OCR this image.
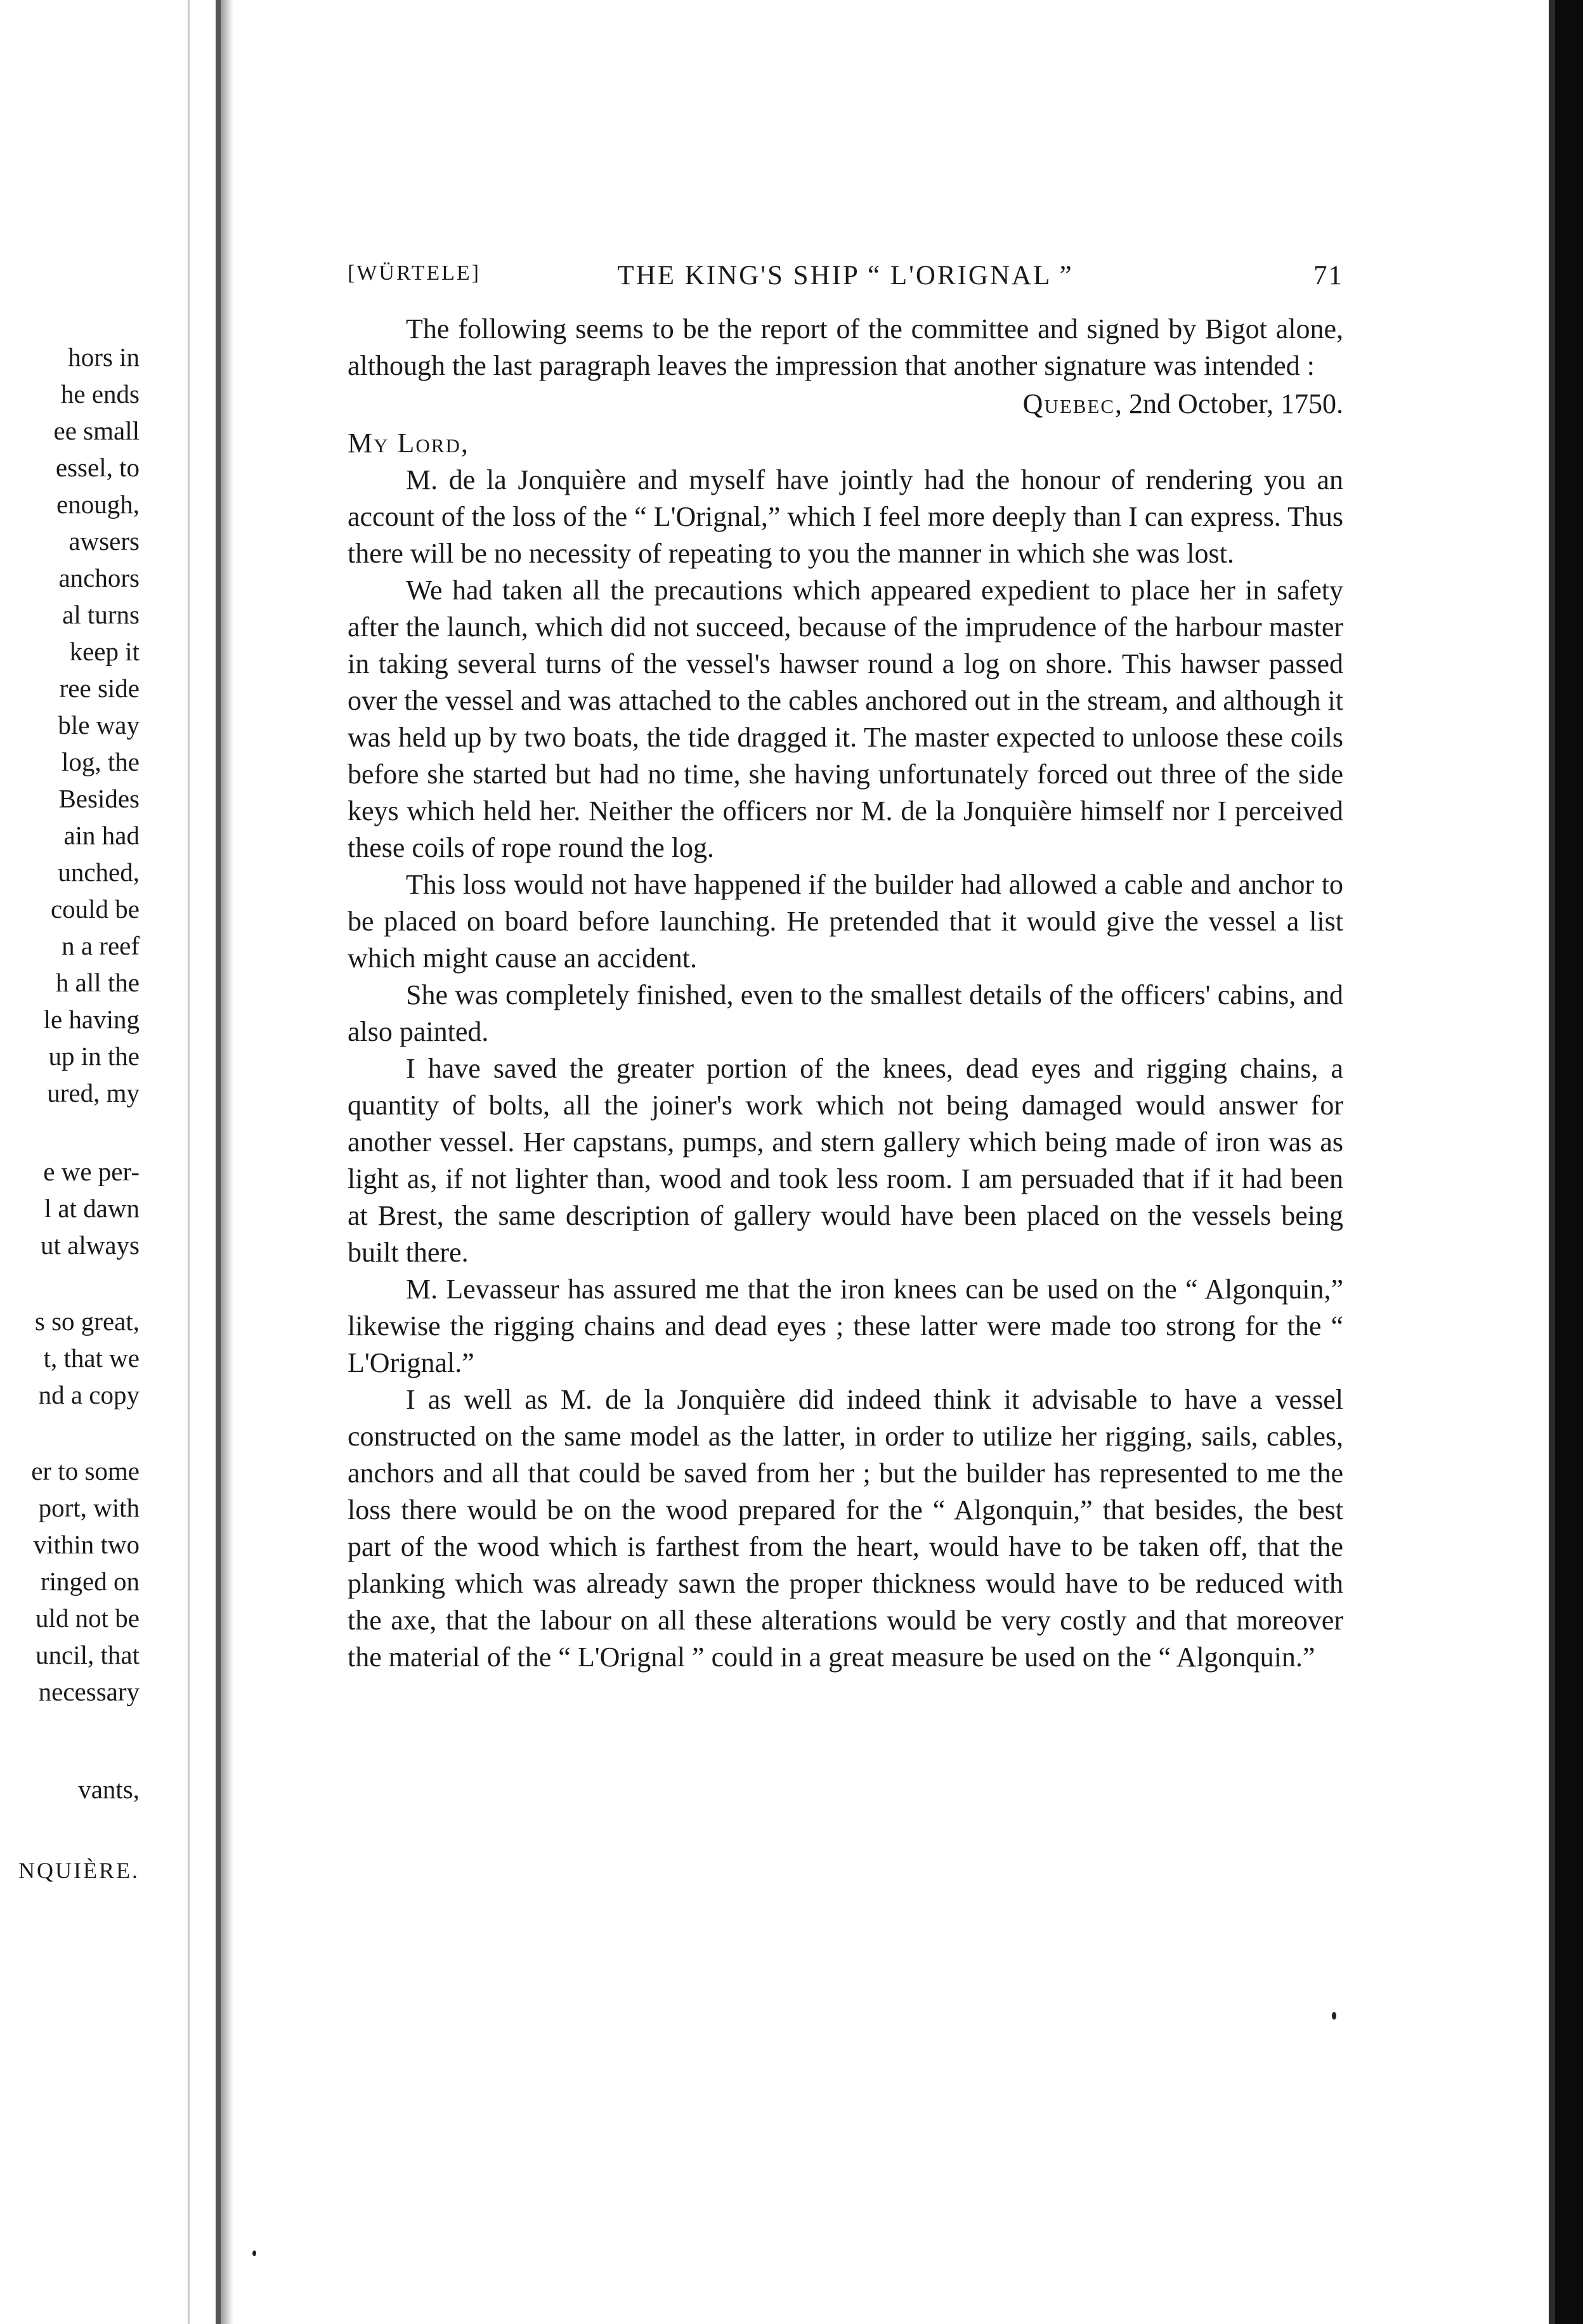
hors in
he ends
ee small
essel, to
enough,
awsers
anchors
al turns
keep it
ree side
ble way
log, the
Besides
ain had
unched,
could be
n a reef
h all the
le having
up in the
ured, my
e we per-
l at dawn
ut always
s so great,
t, that we
nd a copy
er to some
port, with
vithin two
ringed on
uld not be
uncil, that
necessary
vants,
NQUIÈRE.
[WÜRTELE]	THE KING'S SHIP “ L'ORIGNAL ”	71

The following seems to be the report of the committee and signed by Bigot alone, although the last paragraph leaves the impression that another signature was intended :

Quebec, 2nd October, 1750.

My Lord,

M. de la Jonquière and myself have jointly had the honour of rendering you an account of the loss of the “ L'Orignal,” which I feel more deeply than I can express. Thus there will be no necessity of repeating to you the manner in which she was lost.

We had taken all the precautions which appeared expedient to place her in safety after the launch, which did not succeed, because of the imprudence of the harbour master in taking several turns of the vessel's hawser round a log on shore. This hawser passed over the vessel and was attached to the cables anchored out in the stream, and although it was held up by two boats, the tide dragged it. The master expected to unloose these coils before she started but had no time, she having unfortunately forced out three of the side keys which held her. Neither the officers nor M. de la Jonquière himself nor I perceived these coils of rope round the log.

This loss would not have happened if the builder had allowed a cable and anchor to be placed on board before launching. He pretended that it would give the vessel a list which might cause an accident.

She was completely finished, even to the smallest details of the officers' cabins, and also painted.

I have saved the greater portion of the knees, dead eyes and rigging chains, a quantity of bolts, all the joiner's work which not being damaged would answer for another vessel. Her capstans, pumps, and stern gallery which being made of iron was as light as, if not lighter than, wood and took less room. I am persuaded that if it had been at Brest, the same description of gallery would have been placed on the vessels being built there.

M. Levasseur has assured me that the iron knees can be used on the “ Algonquin,” likewise the rigging chains and dead eyes ; these latter were made too strong for the “ L'Orignal.”

I as well as M. de la Jonquière did indeed think it advisable to have a vessel constructed on the same model as the latter, in order to utilize her rigging, sails, cables, anchors and all that could be saved from her ; but the builder has represented to me the loss there would be on the wood prepared for the “ Algonquin,” that besides, the best part of the wood which is farthest from the heart, would have to be taken off, that the planking which was already sawn the proper thickness would have to be reduced with the axe, that the labour on all these alterations would be very costly and that moreover the material of the “ L'Orignal ” could in a great measure be used on the “ Algonquin.”
